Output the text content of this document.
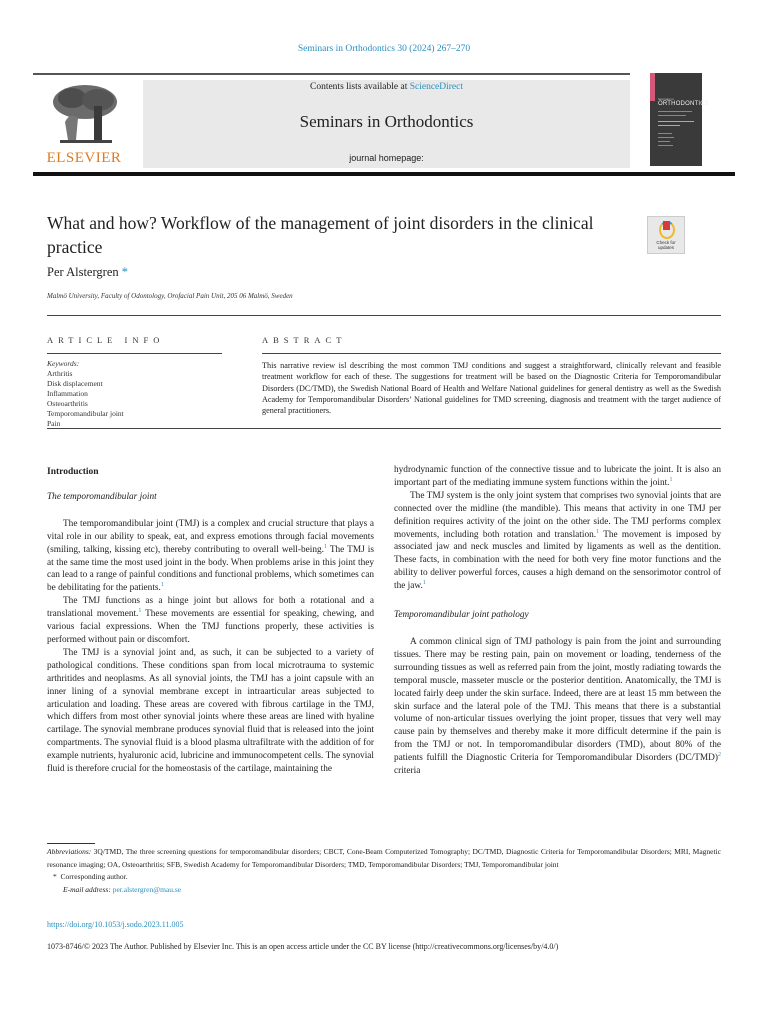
Seminars in Orthodontics 30 (2024) 267–270
ELSEVIER
Contents lists available at ScienceDirect
Seminars in Orthodontics
journal homepage:
Seminars in
ORTHODONTICS
What and how? Workflow of the management of joint disorders in the clinical practice	Check for updates
Per Alstergren *
Malmö University, Faculty of Odontology, Orofacial Pain Unit, 205 06 Malmö, Sweden
ARTICLE INFO	ABSTRACT
Keywords:
Arthritis
Disk displacement
Inflammation
Osteoarthritis
Temporomandibular joint
Pain
This narrative review isl describing the most common TMJ conditions and suggest a straightforward, clinically relevant and feasible treatment workflow for each of these. The suggestions for treatment will be based on the Diagnostic Criteria for Temporomandibular Disorders (DC/TMD), the Swedish National Board of Health and Welfare National guidelines for general dentistry as well as the Swedish Academy for Temporomandibular Disorders’ National guidelines for TMD screening, diagnosis and treatment with the target audience of general practitioners.
Introduction
The temporomandibular joint

The temporomandibular joint (TMJ) is a complex and crucial structure that plays a vital role in our ability to speak, eat, and express emotions through facial movements (smiling, talking, kissing etc), thereby contributing to overall well-being.$^1$ The TMJ is at the same time the most used joint in the body. When problems arise in this joint they can lead to a range of painful conditions and functional problems, which sometimes can be debilitating for the patients.$^1$

The TMJ functions as a hinge joint but allows for both a rotational and a translational movement.$^1$ These movements are essential for speaking, chewing, and various facial expressions. When the TMJ functions properly, these activities is performed without pain or discomfort.

The TMJ is a synovial joint and, as such, it can be subjected to a variety of pathological conditions. These conditions span from local microtrauma to systemic arthritides and neoplasms. As all synovial joints, the TMJ has a joint capsule with an inner lining of a synovial membrane except in intraarticular areas subjected to articulation and loading. These areas are covered with fibrous cartilage in the TMJ, which differs from most other synovial joints where these areas are lined with hyaline cartilage. The synovial membrane produces synovial fluid that is released into the joint compartments. The synovial fluid is a blood plasma ultrafiltrate with the addition of for example nutrients, hyaluronic acid, lubricine and immunocompetent cells. The synovial fluid is therefore crucial for the homeostasis of the cartilage, maintaining the

hydrodynamic function of the connective tissue and to lubricate the joint. It is also an important part of the mediating immune system functions within the joint.$^1$

The TMJ system is the only joint system that comprises two synovial joints that are connected over the midline (the mandible). This means that activity in one TMJ per definition requires activity of the joint on the other side. The TMJ performs complex movements, including both rotation and translation.$^1$ The movement is imposed by associated jaw and neck muscles and limited by ligaments as well as the dentition. These facts, in combination with the need for both very fine motor functions and the ability to deliver powerful forces, causes a high demand on the sensorimotor control of the jaw.$^1$

Temporomandibular joint pathology

A common clinical sign of TMJ pathology is pain from the joint and surrounding tissues. There may be resting pain, pain on movement or loading, tenderness of the surrounding tissues as well as referred pain from the joint, mostly radiating towards the temporal muscle, masseter muscle or the posterior dentition. Anatomically, the TMJ is located fairly deep under the skin surface. Indeed, there are at least 15 mm between the skin surface and the lateral pole of the TMJ. This means that there is a substantial volume of non-articular tissues overlying the joint proper, tissues that very well may cause pain by themselves and thereby make it more difficult determine if the pain is from the TMJ or not. In temporomandibular disorders (TMD), about 80% of the patients fulfill the Diagnostic Criteria for Temporomandibular Disorders $(DC/TMD)^2$ criteria

Abbreviations: 3Q/TMD, The three screening questions for temporomandibular disorders; CBCT, Cone-Beam Computerized Tomography; DC/TMD, Diagnostic Criteria for Temporomandibular Disorders; MRI, Magnetic resonance imaging; OA, Osteoarthritis; SFB, Swedish Academy for Temporomandibular Disorders; TMD, Temporomandibular Disorders; TMJ, Temporomandibular joint
* Corresponding author.
E-mail address: per.alstergren@mau.se
https://doi.org/10.1053/j.sodo.2023.11.005
1073-8746/© 2023 The Author. Published by Elsevier Inc. This is an open access article under the CC BY license (http://creativecommons.org/licenses/by/4.0/)
